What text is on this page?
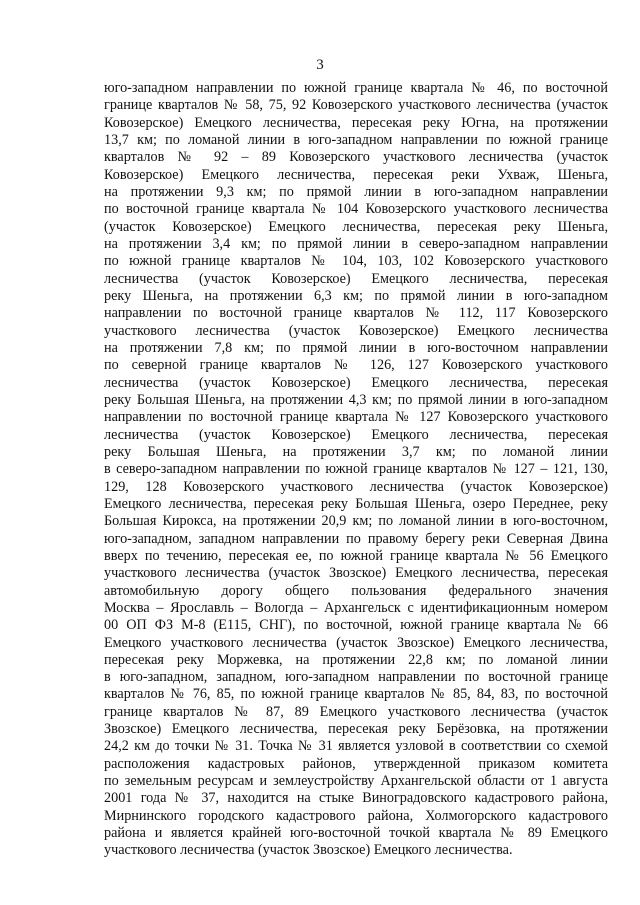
3
юго-западном направлении по южной границе квартала № 46, по восточной
границе кварталов № 58, 75, 92 Ковозерского участкового лесничества (участок
Ковозерское) Емецкого лесничества, пересекая реку Югна, на протяжении
13,7 км; по ломаной линии в юго-западном направлении по южной границе
кварталов № 92 – 89 Ковозерского участкового лесничества (участок
Ковозерское) Емецкого лесничества, пересекая реки Ухваж, Шеньга,
на протяжении 9,3 км; по прямой линии в юго-западном направлении
по восточной границе квартала № 104 Ковозерского участкового лесничества
(участок Ковозерское) Емецкого лесничества, пересекая реку Шеньга,
на протяжении 3,4 км; по прямой линии в северо-западном направлении
по южной границе кварталов № 104, 103, 102 Ковозерского участкового
лесничества (участок Ковозерское) Емецкого лесничества, пересекая
реку Шеньга, на протяжении 6,3 км; по прямой линии в юго-западном
направлении по восточной границе кварталов № 112, 117 Ковозерского
участкового лесничества (участок Ковозерское) Емецкого лесничества
на протяжении 7,8 км; по прямой линии в юго-восточном направлении
по северной границе кварталов № 126, 127 Ковозерского участкового
лесничества (участок Ковозерское) Емецкого лесничества, пересекая
реку Большая Шеньга, на протяжении 4,3 км; по прямой линии в юго-западном
направлении по восточной границе квартала № 127 Ковозерского участкового
лесничества (участок Ковозерское) Емецкого лесничества, пересекая
реку Большая Шеньга, на протяжении 3,7 км; по ломаной линии
в северо-западном направлении по южной границе кварталов № 127 – 121, 130,
129, 128 Ковозерского участкового лесничества (участок Ковозерское)
Емецкого лесничества, пересекая реку Большая Шеньга, озеро Переднее, реку
Большая Кирокса, на протяжении 20,9 км; по ломаной линии в юго-восточном,
юго-западном, западном направлении по правому берегу реки Северная Двина
вверх по течению, пересекая ее, по южной границе квартала № 56 Емецкого
участкового лесничества (участок Звозское) Емецкого лесничества, пересекая
автомобильную дорогу общего пользования федерального значения
Москва – Ярославль – Вологда – Архангельск с идентификационным номером
00 ОП ФЗ М-8 (Е115, СНГ), по восточной, южной границе квартала № 66
Емецкого участкового лесничества (участок Звозское) Емецкого лесничества,
пересекая реку Моржевка, на протяжении 22,8 км; по ломаной линии
в юго-западном, западном, юго-западном направлении по восточной границе
кварталов № 76, 85, по южной границе кварталов № 85, 84, 83, по восточной
границе кварталов № 87, 89 Емецкого участкового лесничества (участок
Звозское) Емецкого лесничества, пересекая реку Берёзовка, на протяжении
24,2 км до точки № 31. Точка № 31 является узловой в соответствии со схемой
расположения кадастровых районов, утвержденной приказом комитета
по земельным ресурсам и землеустройству Архангельской области от 1 августа
2001 года № 37, находится на стыке Виноградовского кадастрового района,
Мирнинского городского кадастрового района, Холмогорского кадастрового
района и является крайней юго-восточной точкой квартала № 89 Емецкого
участкового лесничества (участок Звозское) Емецкого лесничества.
